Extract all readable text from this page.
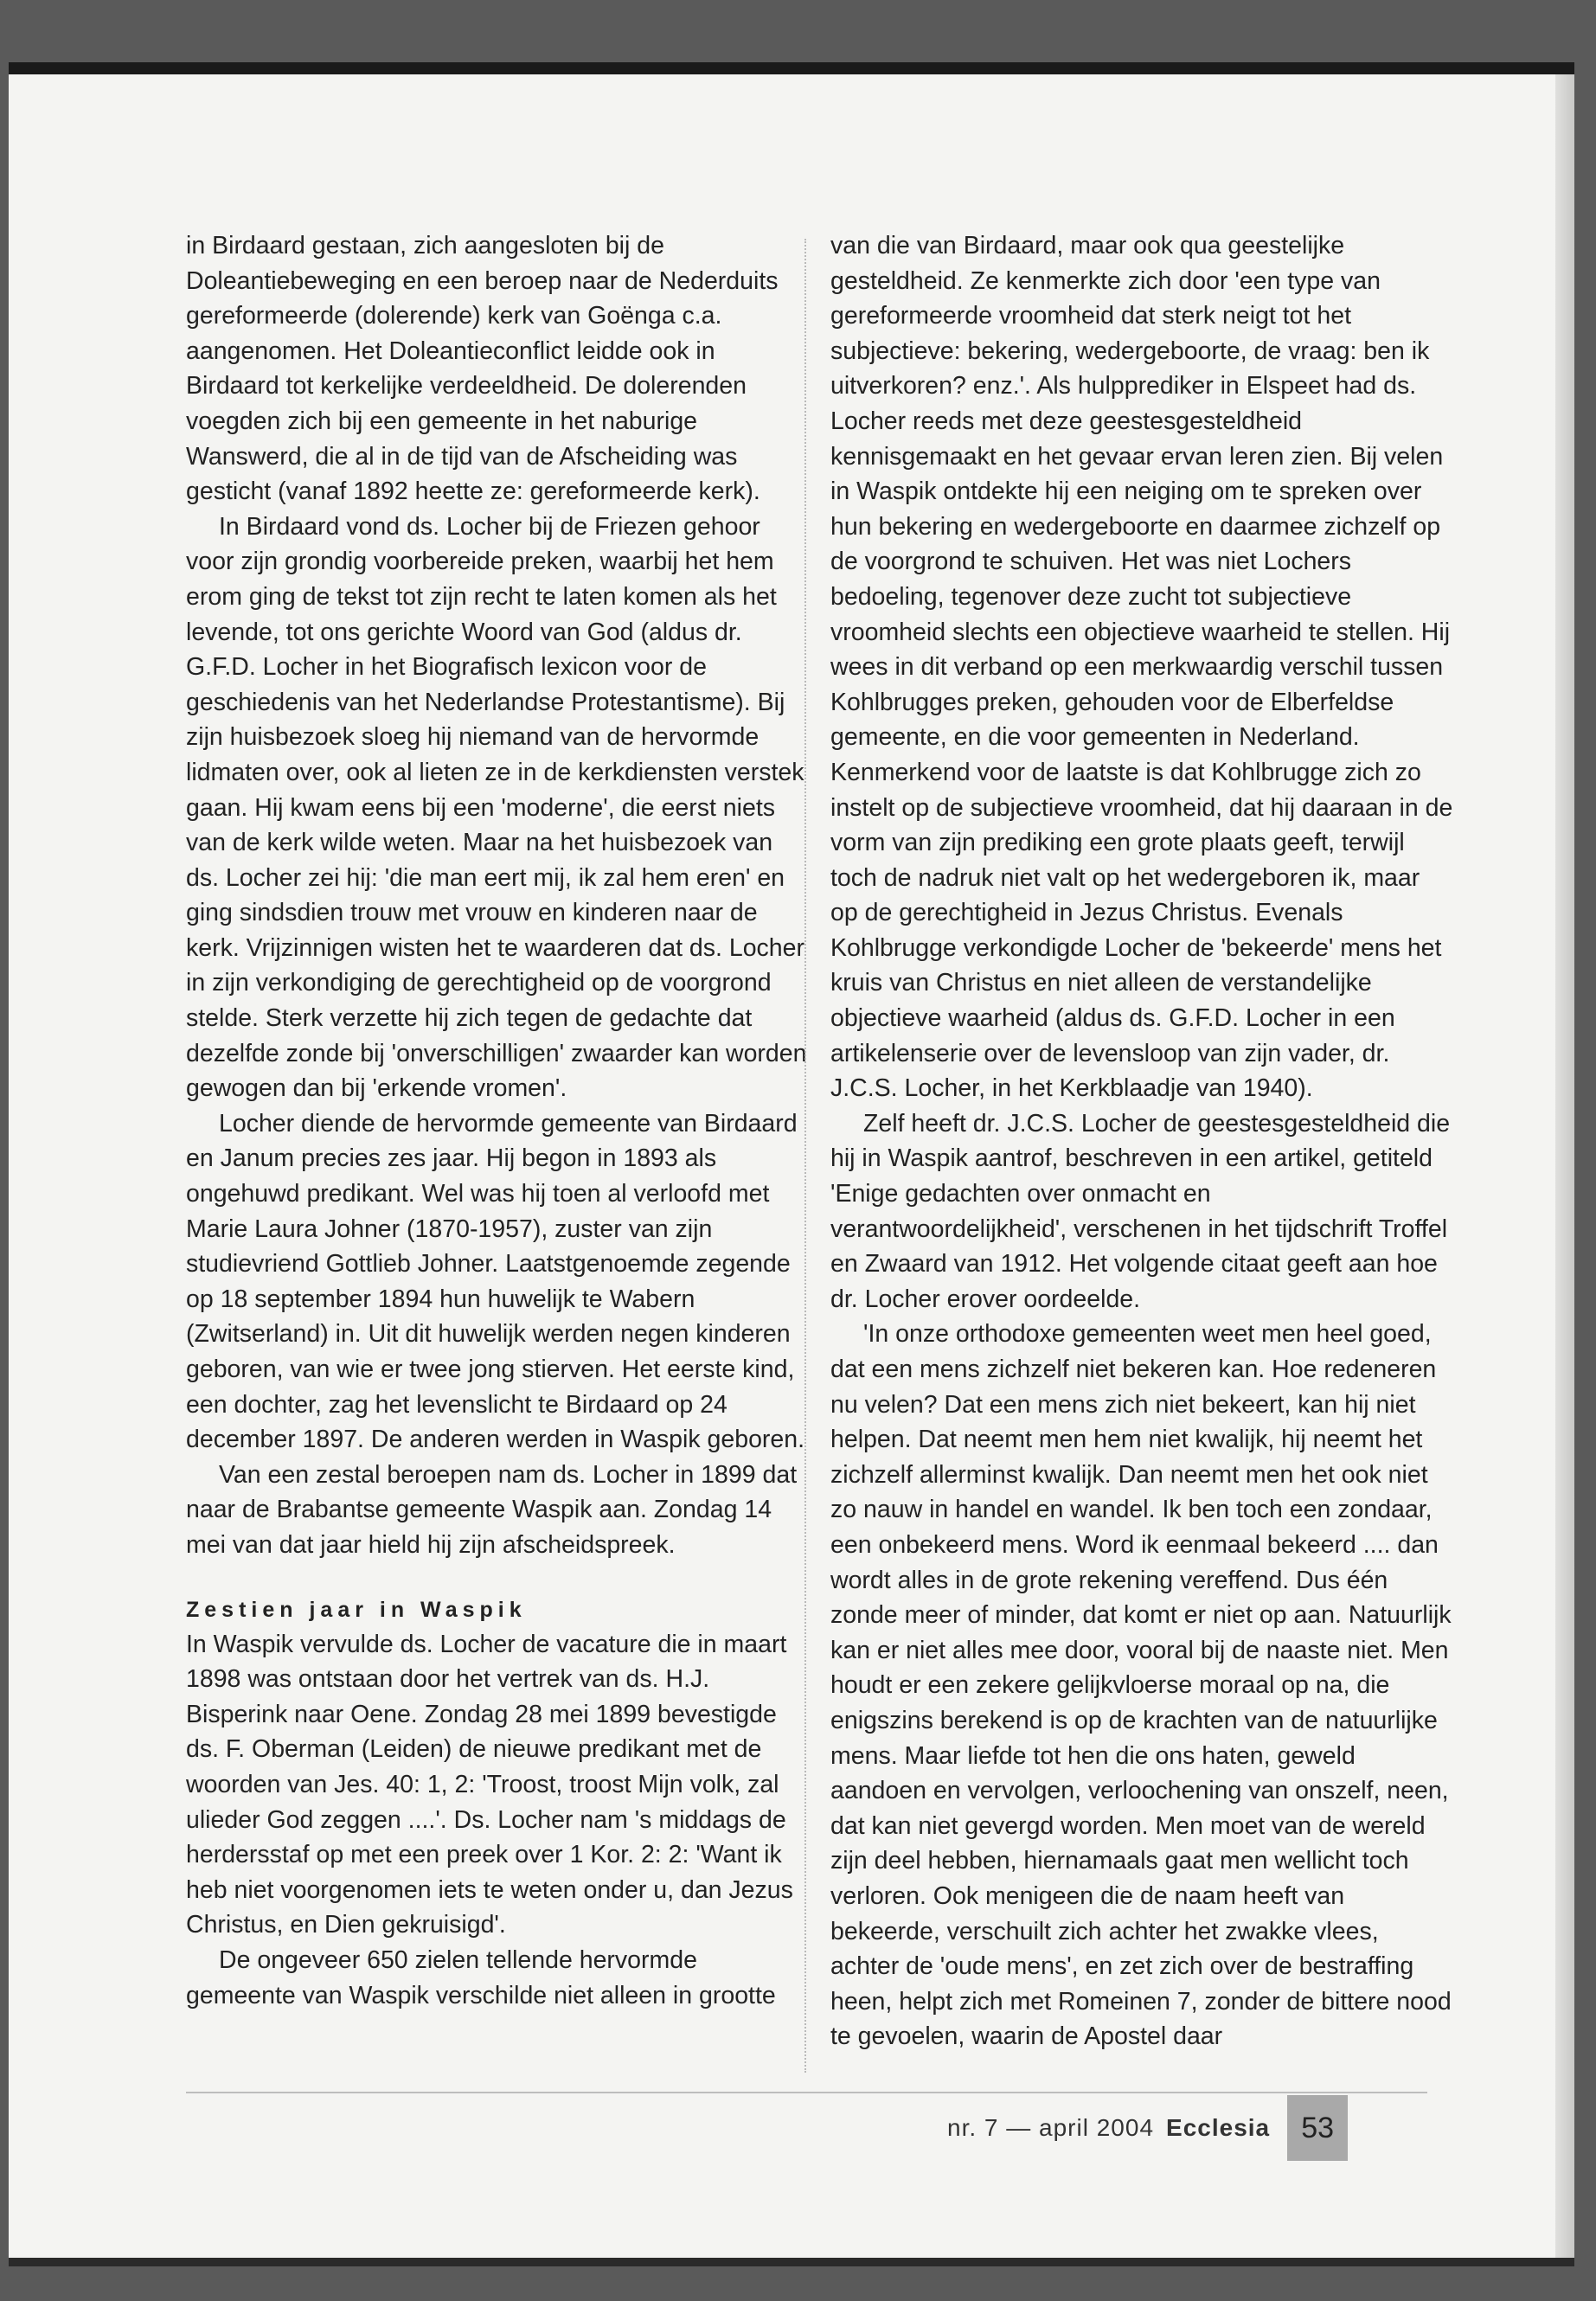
in Birdaard gestaan, zich aangesloten bij de Doleantiebeweging en een beroep naar de Nederduits gereformeerde (dolerende) kerk van Goënga c.a. aangenomen. Het Doleantieconflict leidde ook in Birdaard tot kerkelijke verdeeldheid. De dolerenden voegden zich bij een gemeente in het naburige Wanswerd, die al in de tijd van de Afscheiding was gesticht (vanaf 1892 heette ze: gereformeerde kerk).

In Birdaard vond ds. Locher bij de Friezen gehoor voor zijn grondig voorbereide preken, waarbij het hem erom ging de tekst tot zijn recht te laten komen als het levende, tot ons gerichte Woord van God (aldus dr. G.F.D. Locher in het Biografisch lexicon voor de geschiedenis van het Nederlandse Protestantisme). Bij zijn huisbezoek sloeg hij niemand van de hervormde lidmaten over, ook al lieten ze in de kerkdiensten verstek gaan. Hij kwam eens bij een 'moderne', die eerst niets van de kerk wilde weten. Maar na het huisbezoek van ds. Locher zei hij: 'die man eert mij, ik zal hem eren' en ging sindsdien trouw met vrouw en kinderen naar de kerk. Vrijzinnigen wisten het te waarderen dat ds. Locher in zijn verkondiging de gerechtigheid op de voorgrond stelde. Sterk verzette hij zich tegen de gedachte dat dezelfde zonde bij 'onverschilligen' zwaarder kan worden gewogen dan bij 'erkende vromen'.

Locher diende de hervormde gemeente van Birdaard en Janum precies zes jaar. Hij begon in 1893 als ongehuwd predikant. Wel was hij toen al verloofd met Marie Laura Johner (1870-1957), zuster van zijn studievriend Gottlieb Johner. Laatstgenoemde zegende op 18 september 1894 hun huwelijk te Wabern (Zwitserland) in. Uit dit huwelijk werden negen kinderen geboren, van wie er twee jong stierven. Het eerste kind, een dochter, zag het levenslicht te Birdaard op 24 december 1897. De anderen werden in Waspik geboren.

Van een zestal beroepen nam ds. Locher in 1899 dat naar de Brabantse gemeente Waspik aan. Zondag 14 mei van dat jaar hield hij zijn afscheidspreek.

Zestien jaar in Waspik

In Waspik vervulde ds. Locher de vacature die in maart 1898 was ontstaan door het vertrek van ds. H.J. Bisperink naar Oene. Zondag 28 mei 1899 bevestigde ds. F. Oberman (Leiden) de nieuwe predikant met de woorden van Jes. 40: 1, 2: 'Troost, troost Mijn volk, zal ulieder God zeggen ....'. Ds. Locher nam 's middags de herdersstaf op met een preek over 1 Kor. 2: 2: 'Want ik heb niet voorgenomen iets te weten onder u, dan Jezus Christus, en Dien gekruisigd'.

De ongeveer 650 zielen tellende hervormde gemeente van Waspik verschilde niet alleen in grootte

van die van Birdaard, maar ook qua geestelijke gesteldheid. Ze kenmerkte zich door 'een type van gereformeerde vroomheid dat sterk neigt tot het subjectieve: bekering, wedergeboorte, de vraag: ben ik uitverkoren? enz.'. Als hulpprediker in Elspeet had ds. Locher reeds met deze geestesgesteldheid kennisgemaakt en het gevaar ervan leren zien. Bij velen in Waspik ontdekte hij een neiging om te spreken over hun bekering en wedergeboorte en daarmee zichzelf op de voorgrond te schuiven. Het was niet Lochers bedoeling, tegenover deze zucht tot subjectieve vroomheid slechts een objectieve waarheid te stellen. Hij wees in dit verband op een merkwaardig verschil tussen Kohlbrugges preken, gehouden voor de Elberfeldse gemeente, en die voor gemeenten in Nederland. Kenmerkend voor de laatste is dat Kohlbrugge zich zo instelt op de subjectieve vroomheid, dat hij daaraan in de vorm van zijn prediking een grote plaats geeft, terwijl toch de nadruk niet valt op het wedergeboren ik, maar op de gerechtigheid in Jezus Christus. Evenals Kohlbrugge verkondigde Locher de 'bekeerde' mens het kruis van Christus en niet alleen de verstandelijke objectieve waarheid (aldus ds. G.F.D. Locher in een artikelenserie over de levensloop van zijn vader, dr. J.C.S. Locher, in het Kerkblaadje van 1940).

Zelf heeft dr. J.C.S. Locher de geestesgesteldheid die hij in Waspik aantrof, beschreven in een artikel, getiteld 'Enige gedachten over onmacht en verantwoordelijkheid', verschenen in het tijdschrift Troffel en Zwaard van 1912. Het volgende citaat geeft aan hoe dr. Locher erover oordeelde.

'In onze orthodoxe gemeenten weet men heel goed, dat een mens zichzelf niet bekeren kan. Hoe redeneren nu velen? Dat een mens zich niet bekeert, kan hij niet helpen. Dat neemt men hem niet kwalijk, hij neemt het zichzelf allerminst kwalijk. Dan neemt men het ook niet zo nauw in handel en wandel. Ik ben toch een zondaar, een onbekeerd mens. Word ik eenmaal bekeerd .... dan wordt alles in de grote rekening vereffend. Dus één zonde meer of minder, dat komt er niet op aan. Natuurlijk kan er niet alles mee door, vooral bij de naaste niet. Men houdt er een zekere gelijkvloerse moraal op na, die enigszins berekend is op de krachten van de natuurlijke mens. Maar liefde tot hen die ons haten, geweld aandoen en vervolgen, verloochening van onszelf, neen, dat kan niet gevergd worden. Men moet van de wereld zijn deel hebben, hiernamaals gaat men wellicht toch verloren. Ook menigeen die de naam heeft van bekeerde, verschuilt zich achter het zwakke vlees, achter de 'oude mens', en zet zich over de bestraffing heen, helpt zich met Romeinen 7, zonder de bittere nood te gevoelen, waarin de Apostel daar

nr. 7 — april 2004 Ecclesia	53
